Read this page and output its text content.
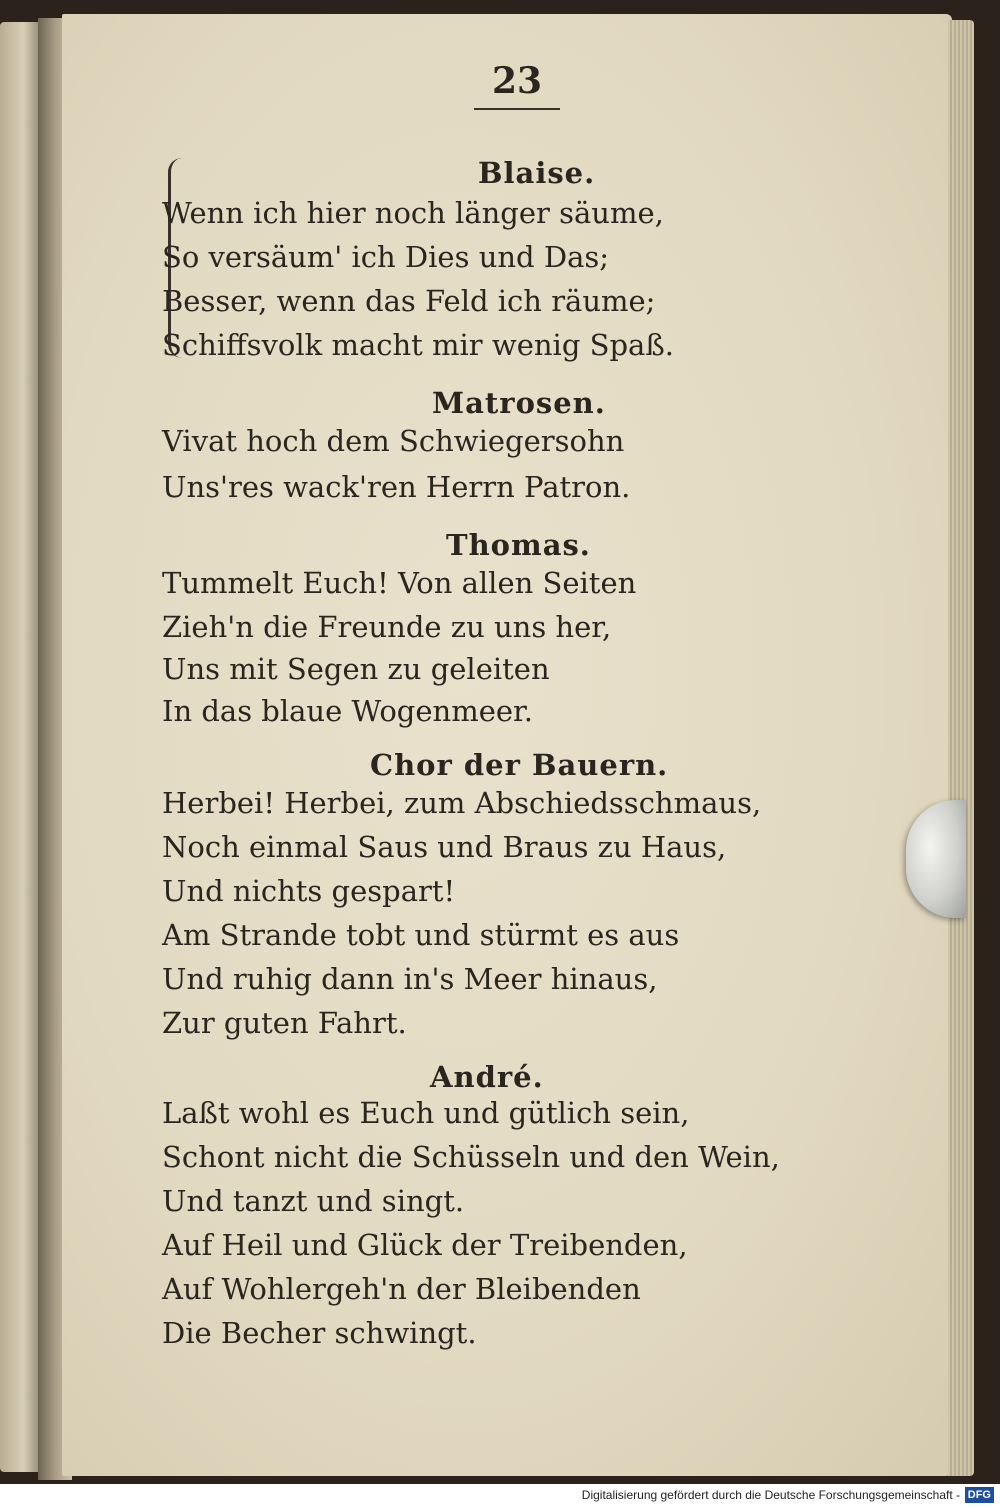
23
Blaise.
Wenn ich hier noch länger säume,
So versäum' ich Dies und Das;
Besser, wenn das Feld ich räume;
Schiffsvolk macht mir wenig Spaß.
Matrosen.
Vivat hoch dem Schwiegersohn
Uns'res wack'ren Herrn Patron.
Thomas.
Tummelt Euch! Von allen Seiten
Zieh'n die Freunde zu uns her,
Uns mit Segen zu geleiten
In das blaue Wogenmeer.
Chor der Bauern.
Herbei! Herbei, zum Abschiedsschmaus,
Noch einmal Saus und Braus zu Haus,
Und nichts gespart!
Am Strande tobt und stürmt es aus
Und ruhig dann in's Meer hinaus,
Zur guten Fahrt.
André.
Laßt wohl es Euch und gütlich sein,
Schont nicht die Schüsseln und den Wein,
Und tanzt und singt.
Auf Heil und Glück der Treibenden,
Auf Wohlergeh'n der Bleibenden
Die Becher schwingt.
Digitalisierung gefördert durch die Deutsche Forschungsgemeinschaft - DFG
